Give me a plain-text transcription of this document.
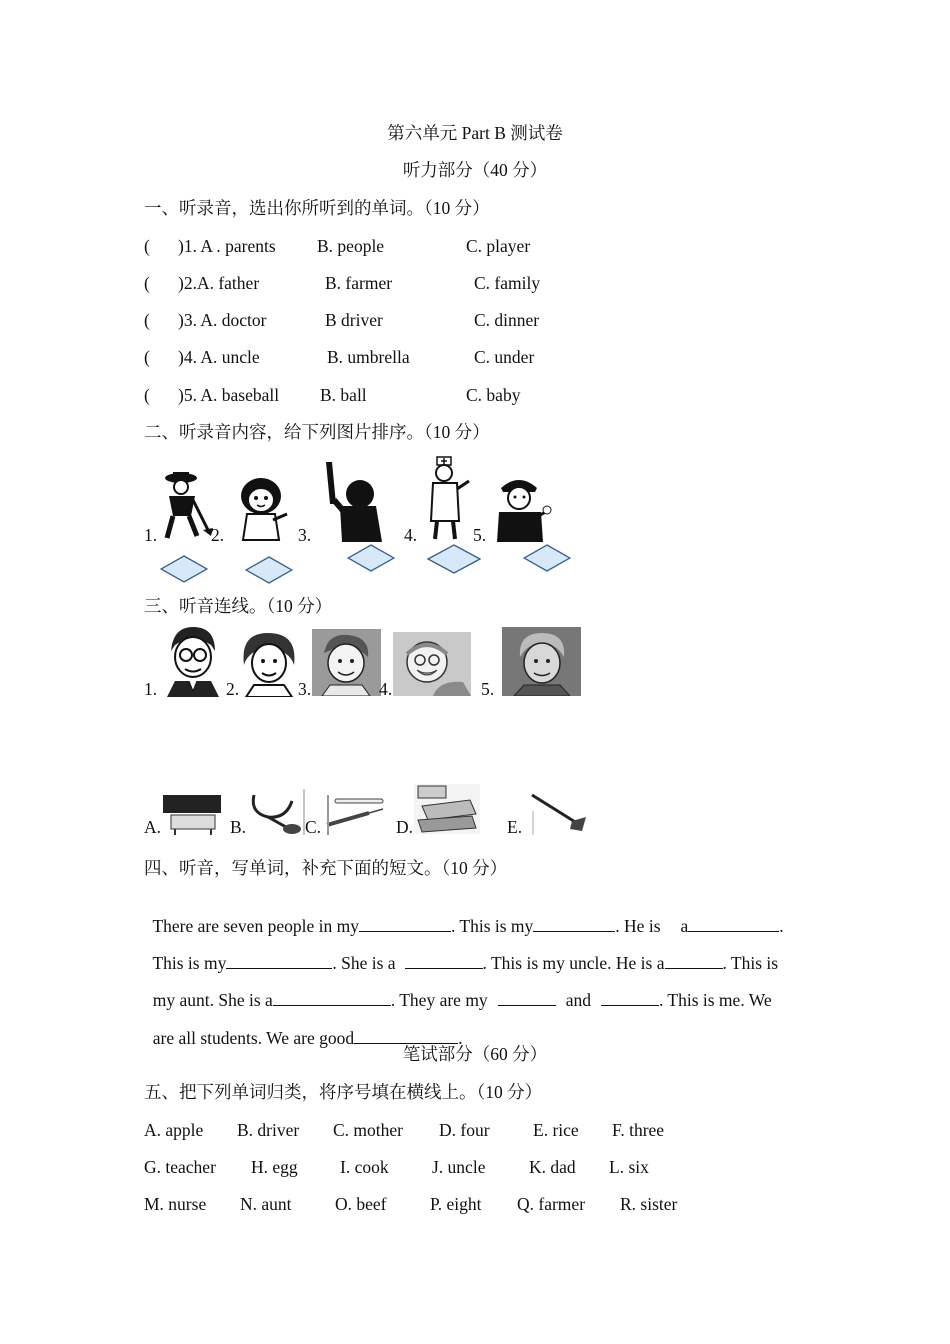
第六单元 Part B 测试卷
听力部分（40 分）
一、听录音，选出你所听到的单词。（10 分）
( )1. A . parents B. people	C. player
( )2.A. father	B. farmer	C. family
( )3. A. doctor	B driver	C. dinner
( )4. A. uncle	B. umbrella	C. under
( )5. A. baseball B. ball	C. baby
二、听录音内容，给下列图片排序。（10 分）
1.	2.	3.	4.	5.
三、听音连线。（10 分）
1.	2.	3.	4.	5.
A.	B.	C.	D.	E.
四、听音，写单词，补充下面的短文。（10 分）

There are seven people in my	. This is my	. He is a	.

This is my	. She is a	. This is my uncle. He is a	. This is

my aunt. She is a	. They are my	and	. This is me. We

are all students. We are good	.

笔试部分（60 分）
五、把下列单词归类，将序号填在横线上。（10 分）
A. apple B. driver C. mother D. four E. rice F. three
G. teacher H. egg I. cook J. uncle K. dad L. six
M. nurse N. aunt O. beef P. eight Q. farmer R. sister
